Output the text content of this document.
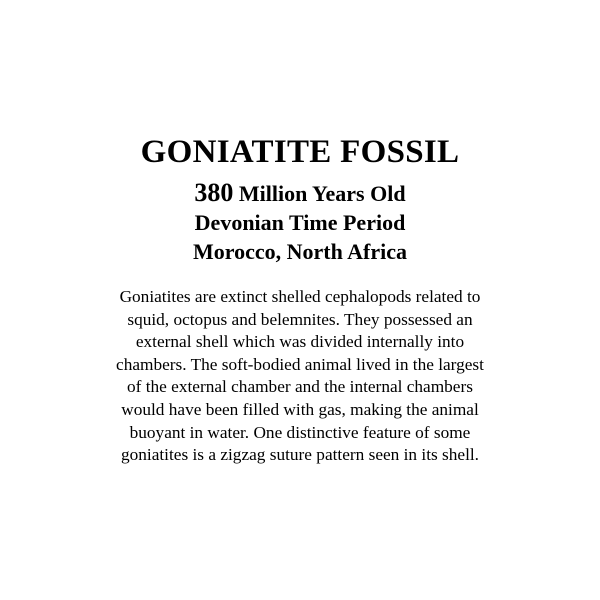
GONIATITE FOSSIL
380 Million Years Old
Devonian Time Period
Morocco, North Africa

Goniatites are extinct shelled cephalopods related to
squid, octopus and belemnites. They possessed an
external shell which was divided internally into
chambers. The soft-bodied animal lived in the largest
of the external chamber and the internal chambers
would have been filled with gas, making the animal
buoyant in water. One distinctive feature of some
goniatites is a zigzag suture pattern seen in its shell.
